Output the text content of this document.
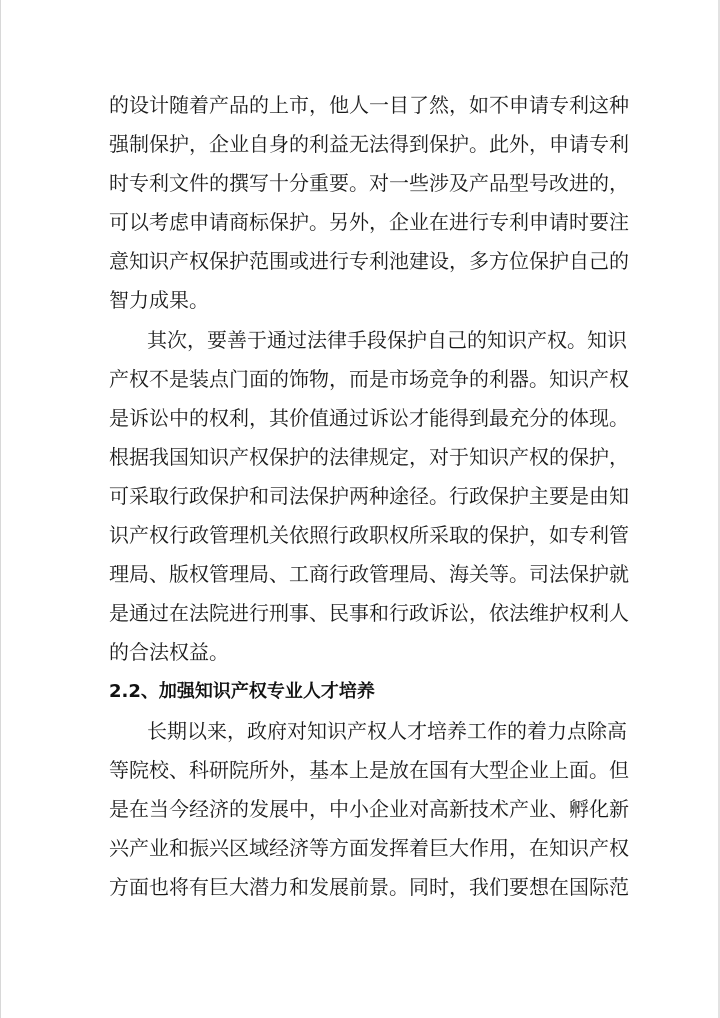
的设计随着产品的上市，他人一目了然，如不申请专利这种
强制保护，企业自身的利益无法得到保护。此外，申请专利
时专利文件的撰写十分重要。对一些涉及产品型号改进的，
可以考虑申请商标保护。另外，企业在进行专利申请时要注
意知识产权保护范围或进行专利池建设，多方位保护自己的
智力成果。
其次，要善于通过法律手段保护自己的知识产权。知识
产权不是装点门面的饰物，而是市场竞争的利器。知识产权
是诉讼中的权利，其价值通过诉讼才能得到最充分的体现。
根据我国知识产权保护的法律规定，对于知识产权的保护，
可采取行政保护和司法保护两种途径。行政保护主要是由知
识产权行政管理机关依照行政职权所采取的保护，如专利管
理局、版权管理局、工商行政管理局、海关等。司法保护就
是通过在法院进行刑事、民事和行政诉讼，依法维护权利人
的合法权益。
2.2、加强知识产权专业人才培养
长期以来，政府对知识产权人才培养工作的着力点除高
等院校、科研院所外，基本上是放在国有大型企业上面。但
是在当今经济的发展中，中小企业对高新技术产业、孵化新
兴产业和振兴区域经济等方面发挥着巨大作用，在知识产权
方面也将有巨大潜力和发展前景。同时，我们要想在国际范
